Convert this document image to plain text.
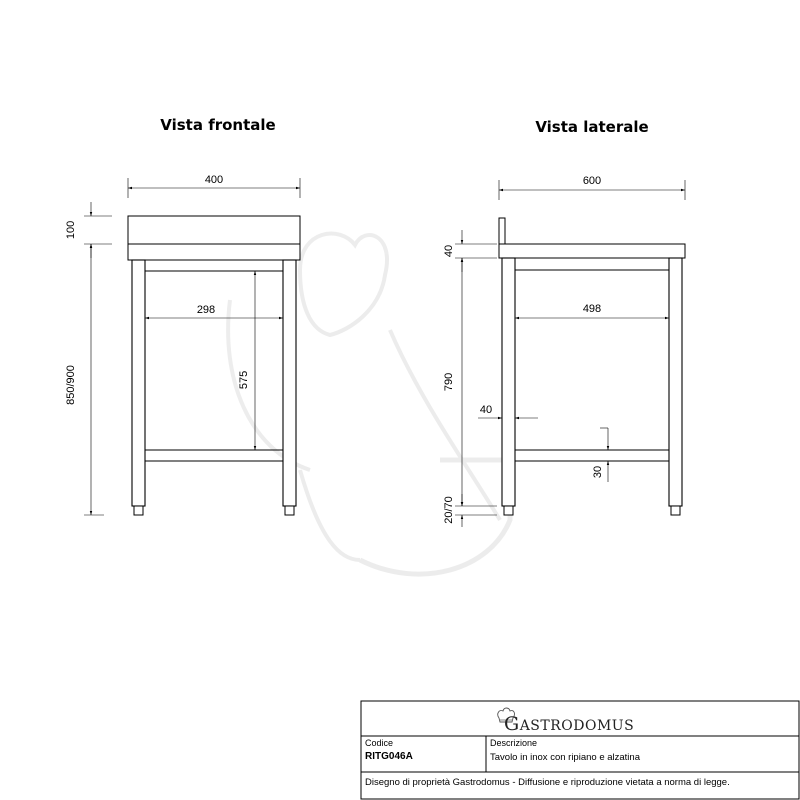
Vista frontale
400
298
575
100
850/900
Vista laterale
600
498
40
790
20/70
40
30
GASTRODOMUS
Codice
RITG046A
Descrizione
Tavolo in inox con ripiano e alzatina
Disegno di proprietà Gastrodomus - Diffusione e riproduzione vietata a norma di legge.
